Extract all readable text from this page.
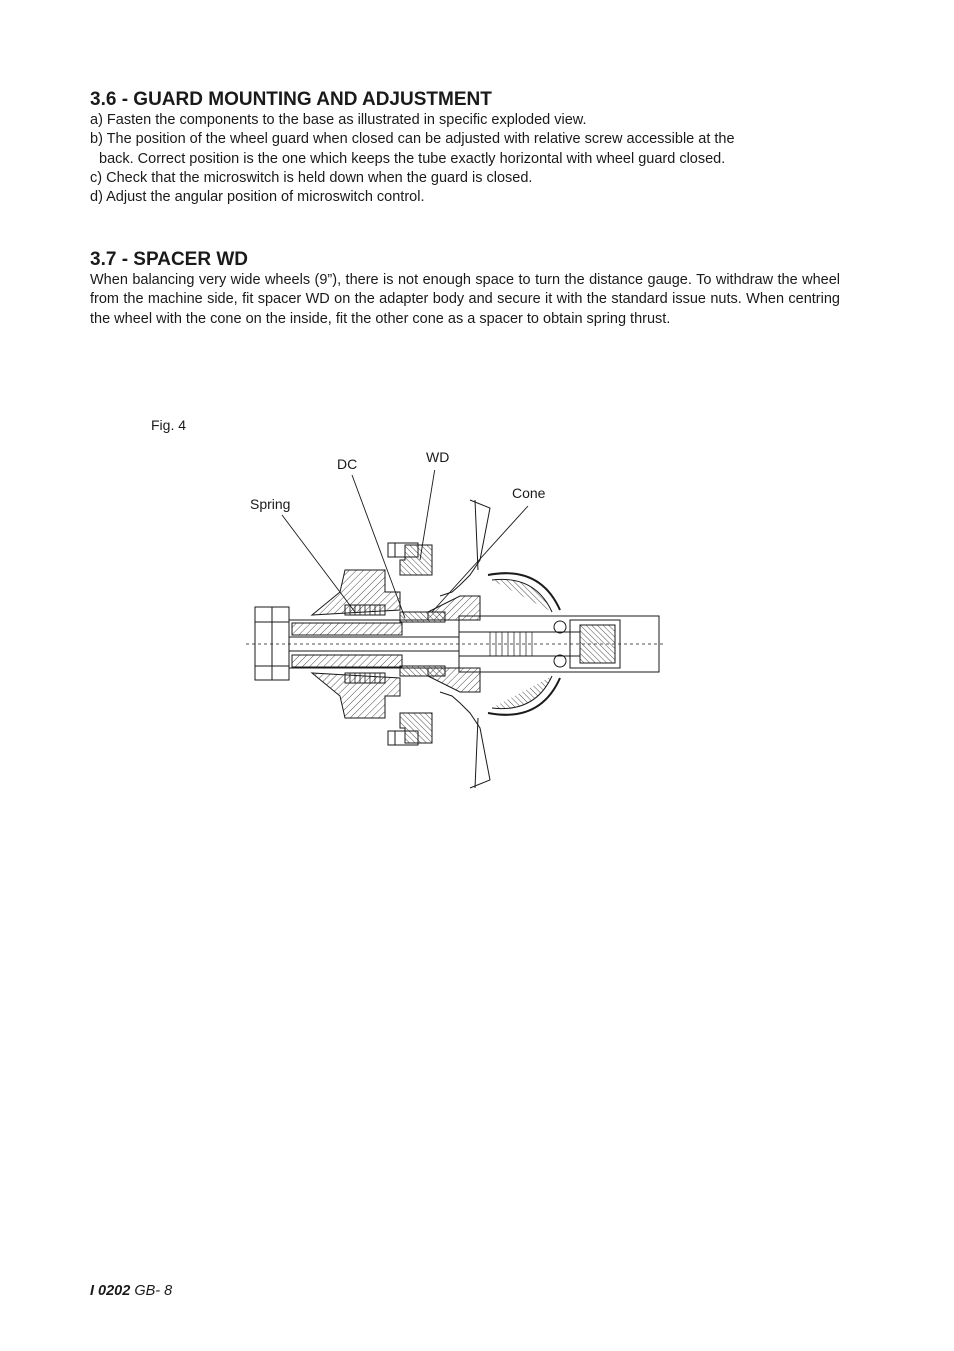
3.6 - GUARD MOUNTING AND ADJUSTMENT
a) Fasten the components to the base as illustrated in specific exploded view.
b) The position of the wheel guard when closed can be adjusted with relative screw accessible at the
back. Correct position is the one which keeps the tube exactly horizontal with wheel guard closed.
c) Check that the microswitch is held down when the guard is closed.
d) Adjust the angular position of microswitch control.
3.7 - SPACER WD
When balancing very wide wheels (9”), there is not enough space to turn the distance gauge. To withdraw the wheel from the machine side, fit spacer WD on the adapter body and secure it with the standard issue nuts. When centring the wheel with the cone on the inside, fit the other cone as a spacer to obtain spring thrust.
Fig. 4
DC	WD
Cone
Spring
I 0202 GB- 8
